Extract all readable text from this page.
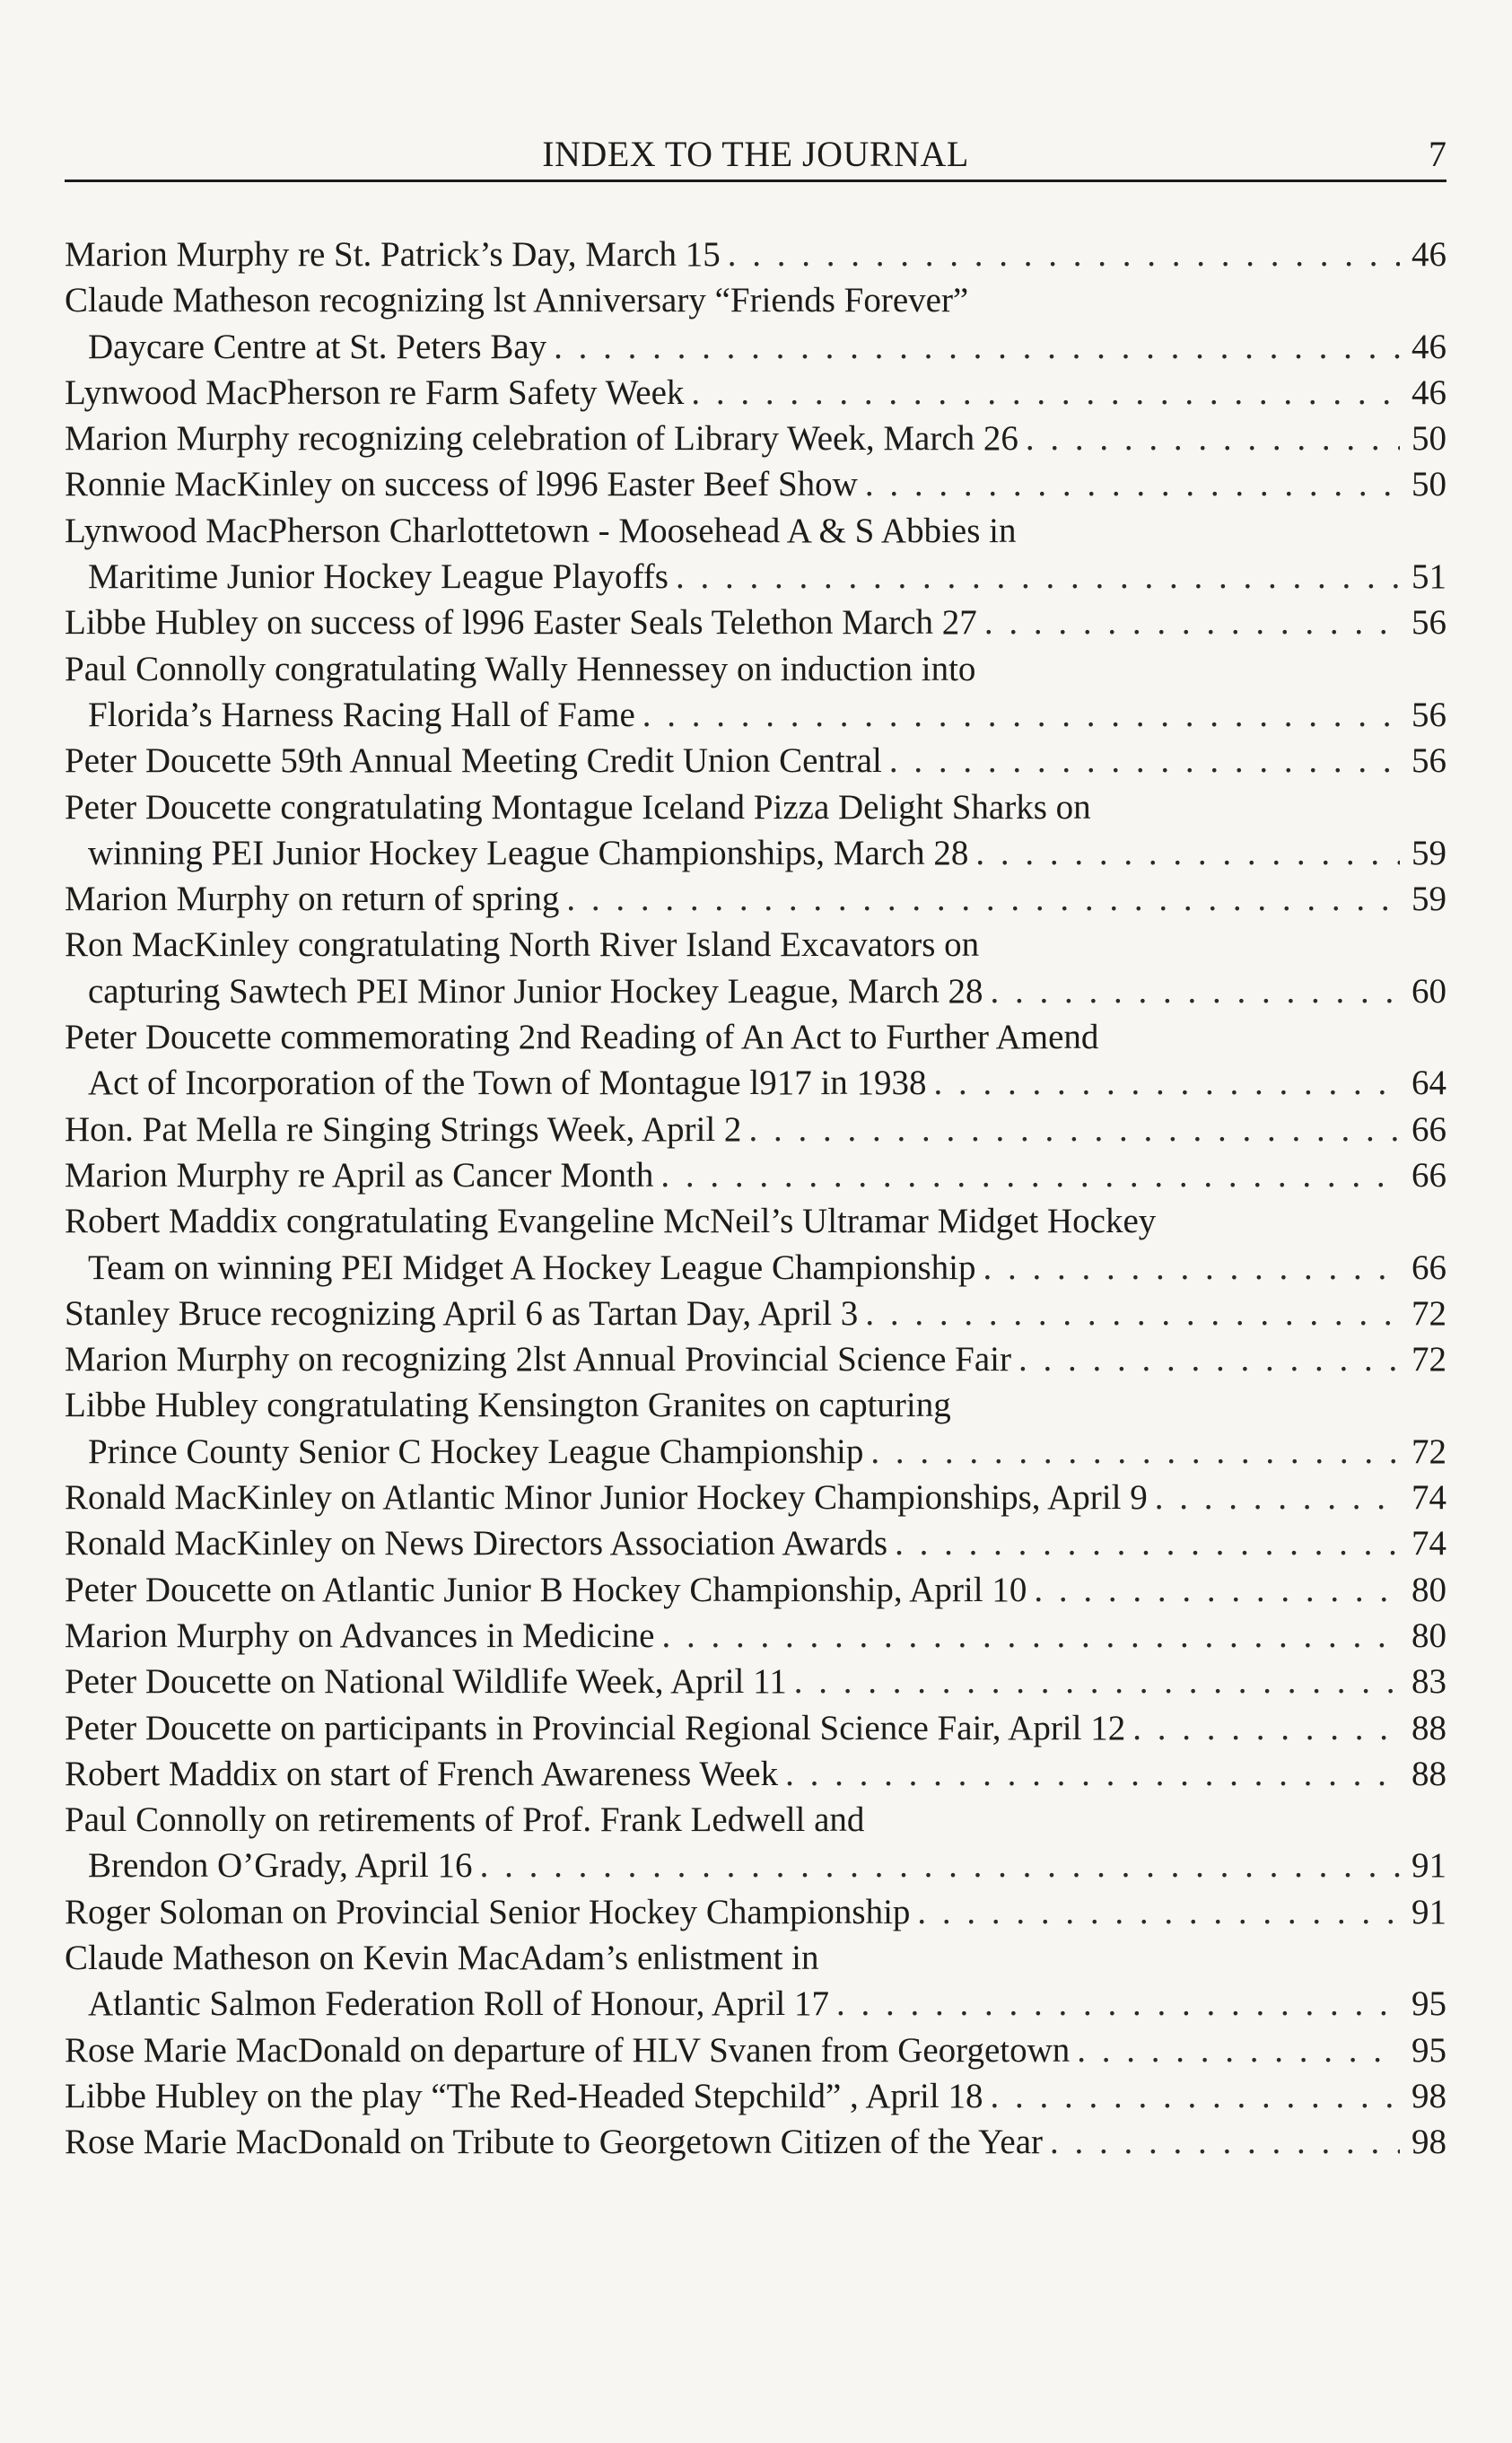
INDEX TO THE JOURNAL	7
Marion Murphy re St. Patrick’s Day, March 15 . . .	46
Claude Matheson recognizing lst Anniversary “Friends Forever”
Daycare Centre at St. Peters Bay . . .	46
Lynwood MacPherson re Farm Safety Week . . .	46
Marion Murphy recognizing celebration of Library Week, March 26 . . .	50
Ronnie MacKinley on success of l996 Easter Beef Show . . .	50
Lynwood MacPherson Charlottetown - Moosehead A & S Abbies in
Maritime Junior Hockey League Playoffs . . .	51
Libbe Hubley on success of l996 Easter Seals Telethon March 27 . . .	56
Paul Connolly congratulating Wally Hennessey on induction into
Florida’s Harness Racing Hall of Fame . . .	56
Peter Doucette 59th Annual Meeting Credit Union Central . . .	56
Peter Doucette congratulating Montague Iceland Pizza Delight Sharks on
winning PEI Junior Hockey League Championships, March 28 . . .	59
Marion Murphy on return of spring . . .	59
Ron MacKinley congratulating North River Island Excavators on
capturing Sawtech PEI Minor Junior Hockey League, March 28 . . .	60
Peter Doucette commemorating 2nd Reading of An Act to Further Amend
Act of Incorporation of the Town of Montague l917 in 1938 . . .	64
Hon. Pat Mella re Singing Strings Week, April 2 . . .	66
Marion Murphy re April as Cancer Month . . .	66
Robert Maddix congratulating Evangeline McNeil’s Ultramar Midget Hockey
Team on winning PEI Midget A Hockey League Championship . . .	66
Stanley Bruce recognizing April 6 as Tartan Day, April 3 . . .	72
Marion Murphy on recognizing 2lst Annual Provincial Science Fair . . .	72
Libbe Hubley congratulating Kensington Granites on capturing
Prince County Senior C Hockey League Championship . . .	72
Ronald MacKinley on Atlantic Minor Junior Hockey Championships, April 9 . . .	74
Ronald MacKinley on News Directors Association Awards . . .	74
Peter Doucette on Atlantic Junior B Hockey Championship, April 10 . . .	80
Marion Murphy on Advances in Medicine . . .	80
Peter Doucette on National Wildlife Week, April 11 . . .	83
Peter Doucette on participants in Provincial Regional Science Fair, April 12 . . .	88
Robert Maddix on start of French Awareness Week . . .	88
Paul Connolly on retirements of Prof. Frank Ledwell and
Brendon O’Grady, April 16 . . .	91
Roger Soloman on Provincial Senior Hockey Championship . . .	91
Claude Matheson on Kevin MacAdam’s enlistment in
Atlantic Salmon Federation Roll of Honour, April 17 . . .	95
Rose Marie MacDonald on departure of HLV Svanen from Georgetown . . .	95
Libbe Hubley on the play “The Red-Headed Stepchild” , April 18 . . .	98
Rose Marie MacDonald on Tribute to Georgetown Citizen of the Year . . .	98
